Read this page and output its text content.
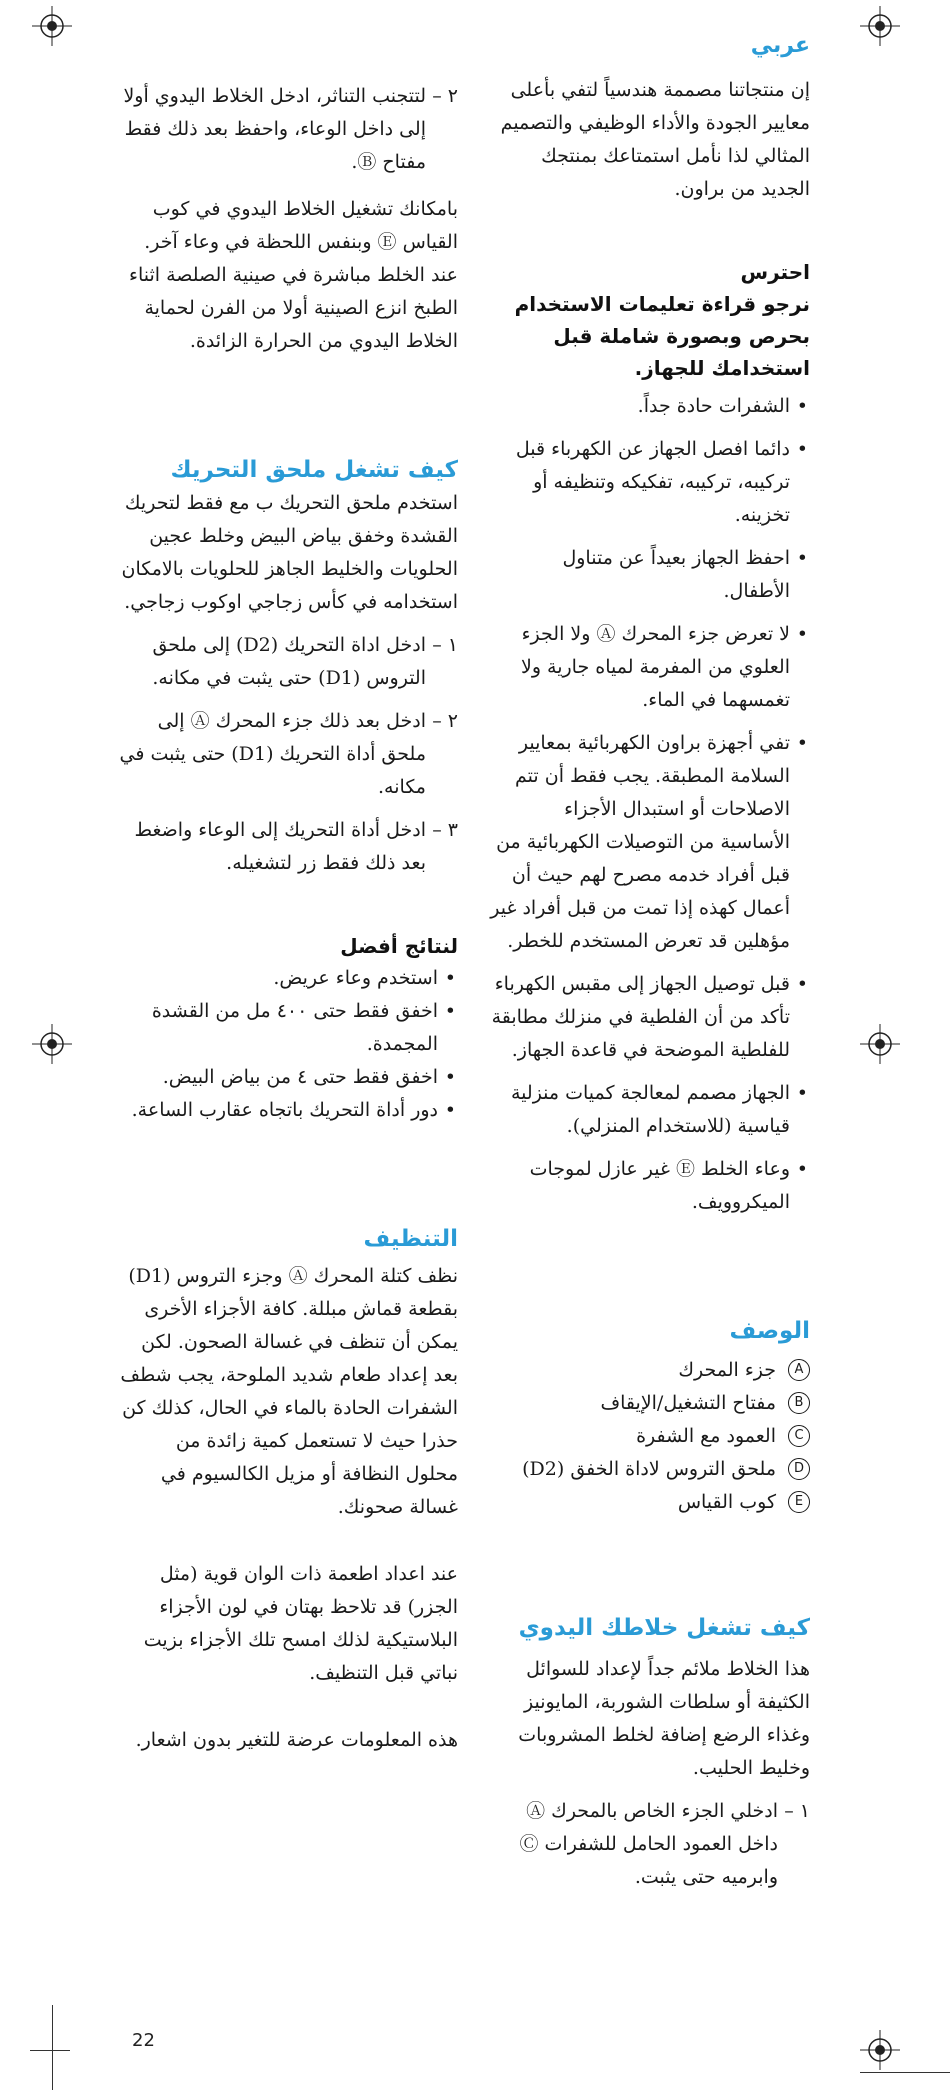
عربي

إن منتجاتنا مصممة هندسياً لتفي بأعلى معايير الجودة والأداء الوظيفي والتصميم المثالي لذا نأمل استمتاعك بمنتجك الجديد من براون.

احترس

نرجو قراءة تعليمات الاستخدام بحرص وبصورة شاملة قبل استخدامك للجهاز.

• الشفرات حادة جداً.
• دائما افصل الجهاز عن الكهرباء قبل تركيبه، تركيبه، تفكيكه وتنظيفه أو تخزينه.
• احفظ الجهاز بعيداً عن متناول الأطفال.
• لا تعرض جزء المحرك Ⓐ ولا الجزء العلوي من المفرمة لمياه جارية ولا تغمسهما في الماء.
• تفي أجهزة براون الكهربائية بمعايير السلامة المطبقة. يجب فقط أن تتم الاصلاحات أو استبدال الأجزاء الأساسية من التوصيلات الكهربائية من قبل أفراد خدمه مصرح لهم حيث أن أعمال كهذه إذا تمت من قبل أفراد غير مؤهلين قد تعرض المستخدم للخطر.
• قبل توصيل الجهاز إلى مقبس الكهرباء تأكد من أن الفلطية في منزلك مطابقة للفلطية الموضحة في قاعدة الجهاز.
• الجهاز مصمم لمعالجة كميات منزلية قياسية (للاستخدام المنزلي).
• وعاء الخلط Ⓔ غير عازل لموجات الميكروويف.

الوصف

A
جزء المحرك
B
مفتاح التشغيل/الإيقاف
C
العمود مع الشفرة
D
ملحق التروس لاداة الخفق (D2)
E
كوب القياس

كيف تشغل خلاطك اليدوي

هذا الخلاط ملائم جداً لإعداد للسوائل الكثيفة أو سلطات الشوربة، المايونيز وغذاء الرضع إضافة لخلط المشروبات وخليط الحليب.

١ –
ادخلي الجزء الخاص بالمحرك Ⓐ داخل العمود الحامل للشفرات Ⓒ وابرميه حتى يثبت.
٢ –
لتتجنب التناثر، ادخل الخلاط اليدوي أولا إلى داخل الوعاء، واحفظ بعد ذلك فقط مفتاح Ⓑ.

بامكانك تشغيل الخلاط اليدوي في كوب القياس Ⓔ وبنفس اللحظة في وعاء آخر. عند الخلط مباشرة في صينية الصلصة اثناء الطبخ انزع الصينية أولا من الفرن لحماية الخلاط اليدوي من الحرارة الزائدة.

كيف تشغل ملحق التحريك

استخدم ملحق التحريك ب مع فقط لتحريك القشدة وخفق بياض البيض وخلط عجين الحلويات والخليط الجاهز للحلويات بالامكان استخدامه في كأس زجاجي اوكوب زجاجي.

١ –
ادخل اداة التحريك (D2) إلى ملحق التروس (D1) حتى يثبت في مكانه.
٢ –
ادخل بعد ذلك جزء المحرك Ⓐ إلى ملحق أداة التحريك (D1) حتى يثبت في مكانه.
٣ –
ادخل أداة التحريك إلى الوعاء واضغط بعد ذلك فقط زر لتشغيله.

لنتائج أفضل

• استخدم وعاء عريض.
• اخفق فقط حتى ٤٠٠ مل من القشدة المجمدة.
• اخفق فقط حتى ٤ من بياض البيض.
• دور أداة التحريك باتجاه عقارب الساعة.

التنظيف

نظف كتلة المحرك Ⓐ وجزء التروس (D1) بقطعة قماش مبللة. كافة الأجزاء الأخرى يمكن أن تنظف في غسالة الصحون. لكن بعد إعداد طعام شديد الملوحة، يجب شطف الشفرات الحادة بالماء في الحال، كذلك كن حذرا حيث لا تستعمل كمية زائدة من محلول النظافة أو مزيل الكالسيوم في غسالة صحونك.

عند اعداد اطعمة ذات الوان قوية (مثل الجزر) قد تلاحظ بهتان في لون الأجزاء البلاستيكية لذلك امسح تلك الأجزاء بزيت نباتي قبل التنظيف.

هذه المعلومات عرضة للتغير بدون اشعار.

22
